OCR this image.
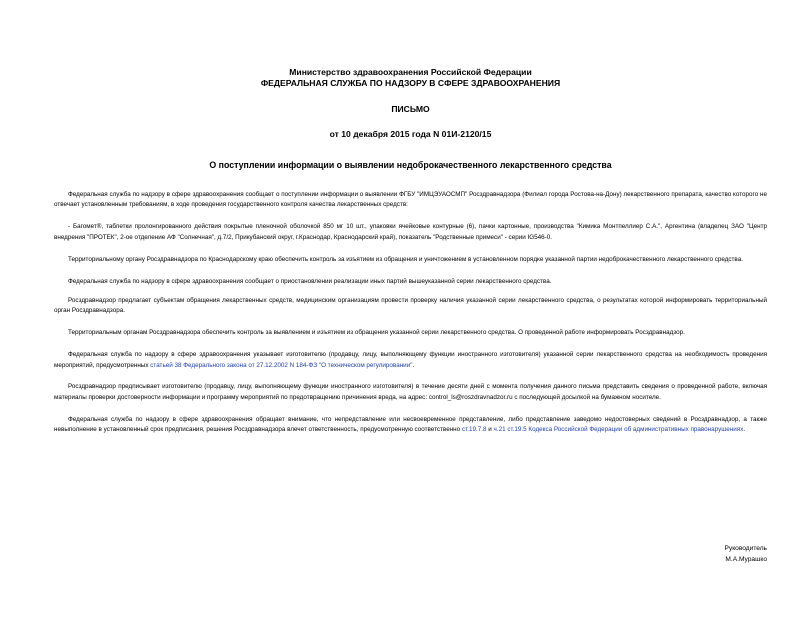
Министерство здравоохранения Российской Федерации
ФЕДЕРАЛЬНАЯ СЛУЖБА ПО НАДЗОРУ В СФЕРЕ ЗДРАВООХРАНЕНИЯ
ПИСЬМО
от 10 декабря 2015 года N 01И-2120/15
О поступлении информации о выявлении недоброкачественного лекарственного средства

Федеральная служба по надзору в сфере здравоохранения сообщает о поступлении информации о выявлении ФГБУ "ИМЦЭУАОСМП" Росздравнадзора (Филиал города Ростова-на-Дону) лекарственного препарата, качество которого не отвечает установленным требованиям, в ходе проведения государственного контроля качества лекарственных средств:

- Багомет®, таблетки пролонгированного действия покрытые пленочной оболочкой 850 мг 10 шт., упаковки ячейковые контурные (6), пачки картонные, производства "Кимика Монтпеллиер С.А.", Аргентина (владелец ЗАО "Центр внедрения "ПРОТЕК", 2-ое отделение АФ "Солнечная", д.7/2, Прикубанский округ, г.Краснодар, Краснодарский край), показатель "Родственные примеси" - серии IG546-0.

Территориальному органу Росздравнадзора по Краснодарскому краю обеспечить контроль за изъятием из обращения и уничтожением в установленном порядке указанной партии недоброкачественного лекарственного средства.

Федеральная служба по надзору в сфере здравоохранения сообщает о приостановлении реализации иных партий вышеуказанной серии лекарственного средства.

Росздравнадзор предлагает субъектам обращения лекарственных средств, медицинским организациям провести проверку наличия указанной серии лекарственного средства, о результатах которой информировать территориальный орган Росздравнадзора.

Территориальным органам Росздравнадзора обеспечить контроль за выявлением и изъятием из обращения указанной серии лекарственного средства. О проведенной работе информировать Росздравнадзор.

Федеральная служба по надзору в сфере здравоохранения указывает изготовителю (продавцу, лицу, выполняющему функции иностранного изготовителя) указанной серии лекарственного средства на необходимость проведения мероприятий, предусмотренных статьей 38 Федерального закона от 27.12.2002 N 184-ФЗ "О техническом регулировании".

Росздравнадзор предписывает изготовителю (продавцу, лицу, выполняющему функции иностранного изготовителя) в течение десяти дней с момента получения данного письма представить сведения о проведенной работе, включая материалы проверки достоверности информации и программу мероприятий по предотвращению причинения вреда, на адрес: control_ls@roszdravnadzor.ru с последующей досылкой на бумажном носителе.

Федеральная служба по надзору в сфере здравоохранения обращает внимание, что непредставление или несвоевременное представление, либо представление заведомо недостоверных сведений в Росздравнадзор, а также невыполнение в установленный срок предписания, решения Росздравнадзора влечет ответственность, предусмотренную соответственно ст.19.7.8 и ч.21 ст.19.5 Кодекса Российской Федерации об административных правонарушениях.

Руководитель
М.А.Мурашко
